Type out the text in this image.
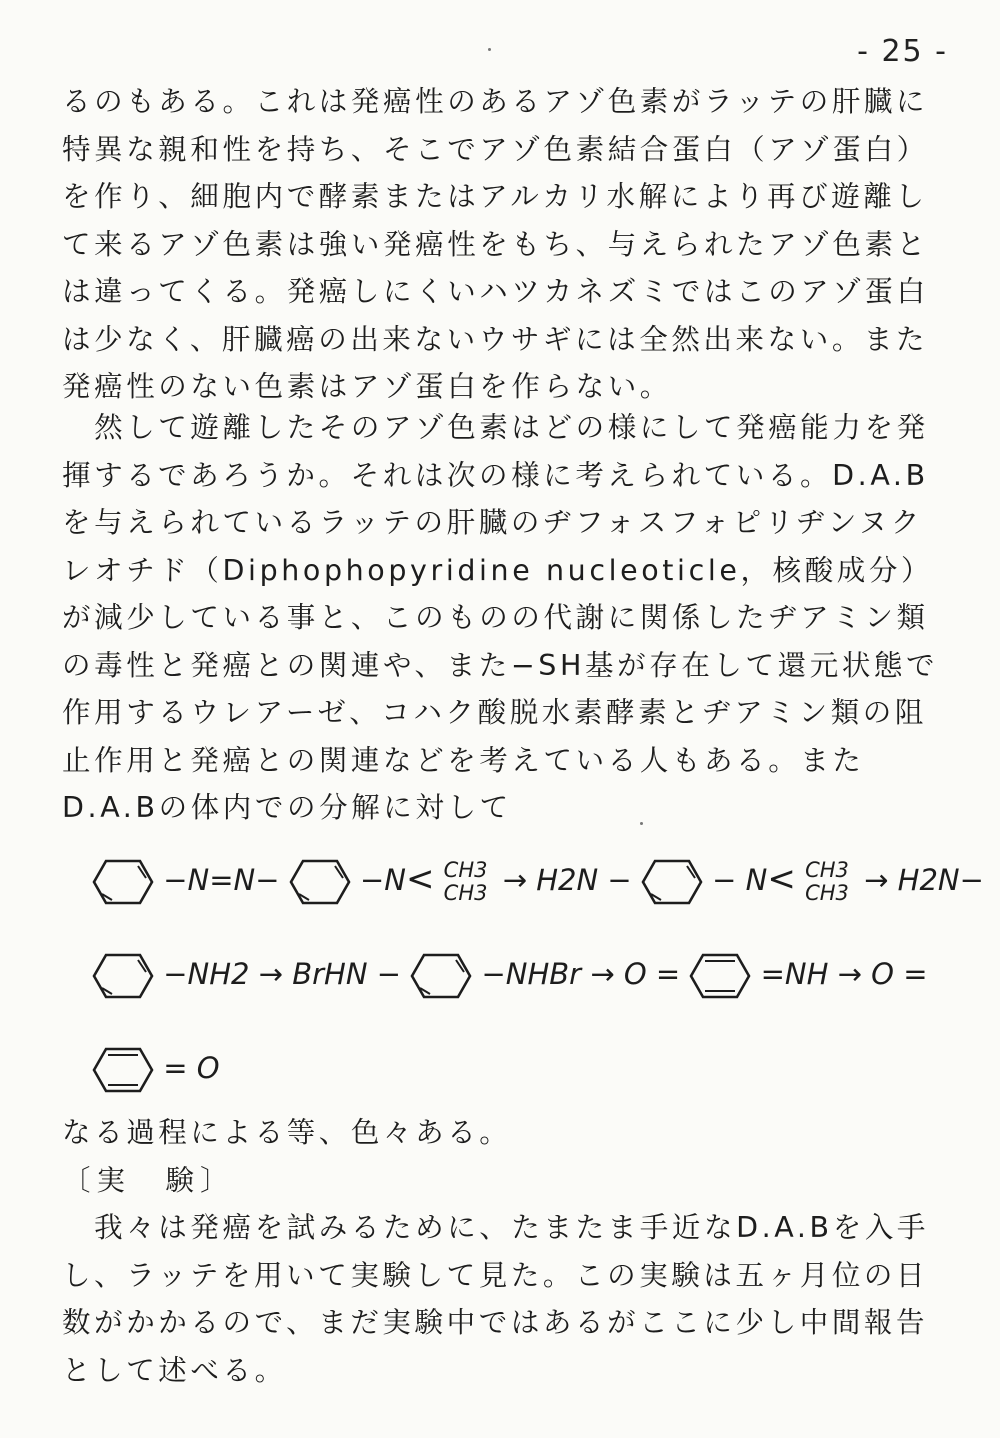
- 25 -
るのもある。これは発癌性のあるアゾ色素がラッテの肝臓に特異な親和性を持ち、そこでアゾ色素結合蛋白（アゾ蛋白）を作り、細胞内で酵素またはアルカリ水解により再び遊離して来るアゾ色素は強い発癌性をもち、与えられたアゾ色素とは違ってくる。発癌しにくいハツカネズミではこのアゾ蛋白は少なく、肝臓癌の出来ないウサギには全然出来ない。また発癌性のない色素はアゾ蛋白を作らない。
　然して遊離したそのアゾ色素はどの様にして発癌能力を発揮するであろうか。それは次の様に考えられている。D.A.Bを与えられているラッテの肝臓のヂフォスフォピリヂンヌクレオチド（Diphophopyridine nucleoticle，核酸成分）が減少している事と、このものの代謝に関係したヂアミン類の毒性と発癌との関連や、また−SH基が存在して還元状態で作用するウレアーゼ、コハク酸脱水素酵素とヂアミン類の阻止作用と発癌との関連などを考えている人もある。またD.A.Bの体内での分解に対して
−N=N−	−N< CH3
CH3 → H2N −	− N< CH3
CH3 → H2N−
−NH2 → BrHN −	−NHBr → O =	=NH → O =
= O
なる過程による等、色々ある。
〔実　験〕
　我々は発癌を試みるために、たまたま手近なD.A.Bを入手し、ラッテを用いて実験して見た。この実験は五ヶ月位の日数がかかるので、まだ実験中ではあるがここに少し中間報告として述べる。
